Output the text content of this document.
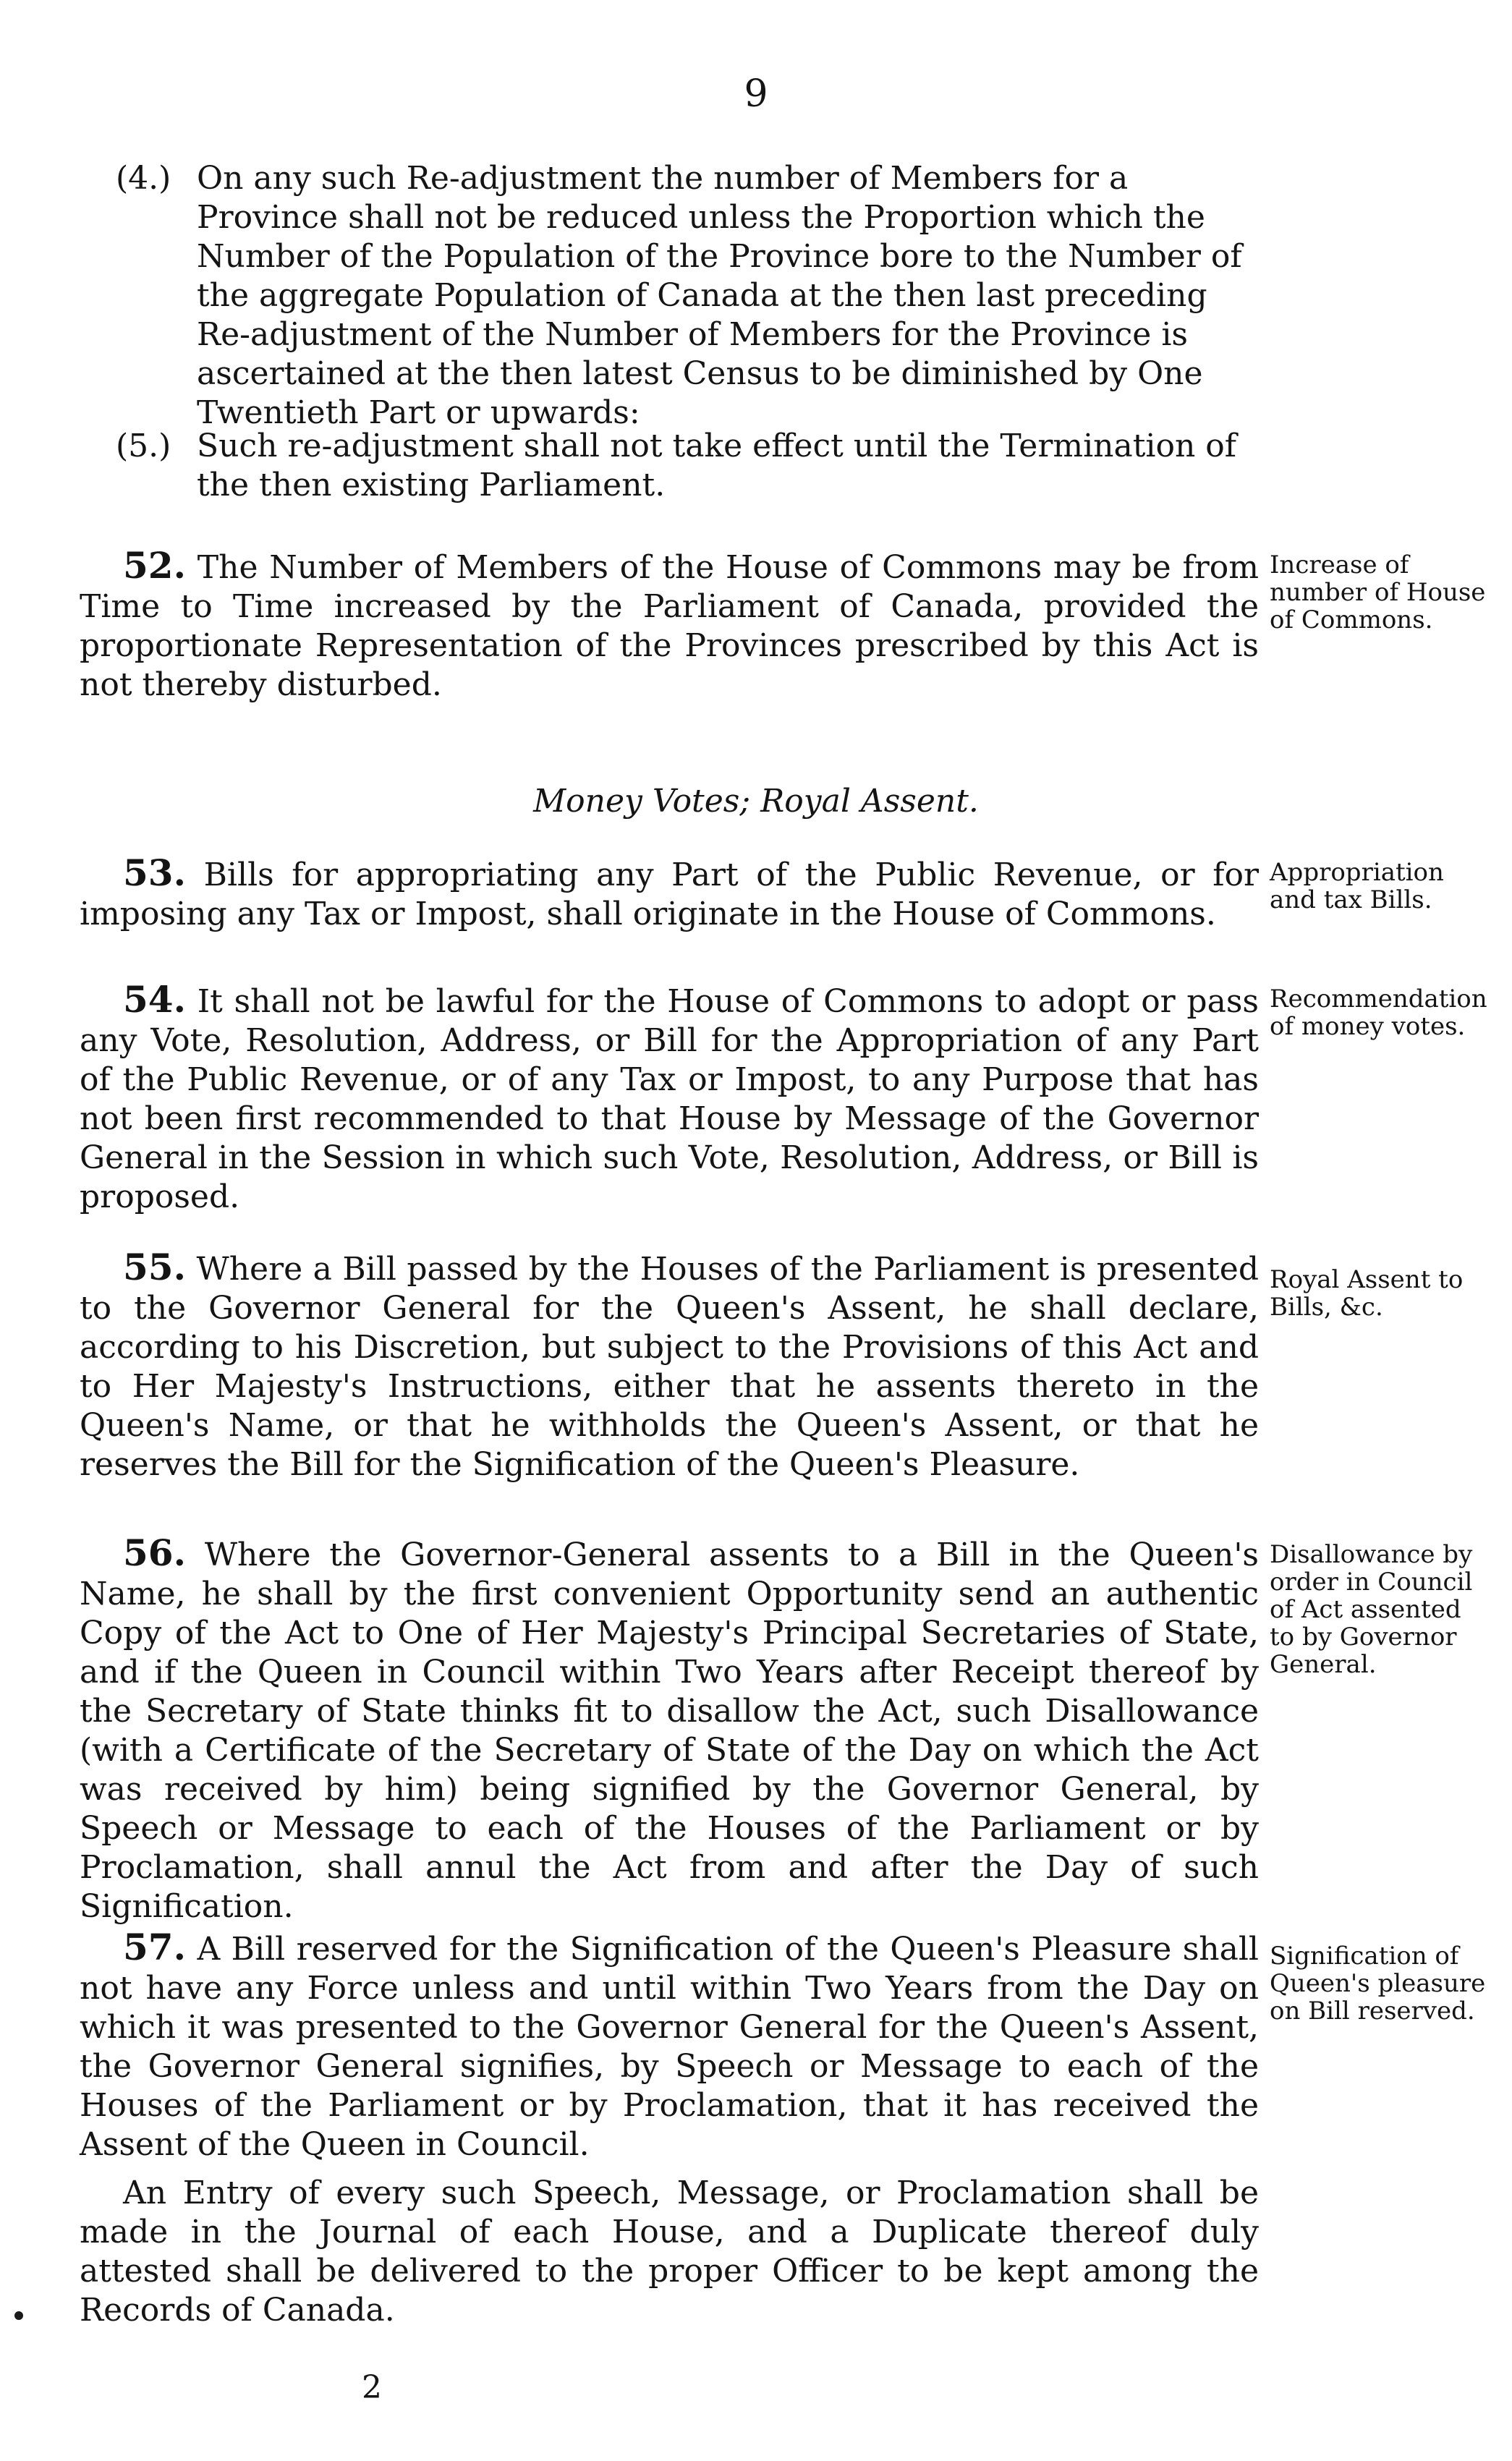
9
(4.) On any such Re-adjustment the number of Members for a Province shall not be reduced unless the Proportion which the Number of the Population of the Province bore to the Number of the aggregate Population of Canada at the then last preceding Re-adjustment of the Number of Members for the Province is ascertained at the then latest Census to be diminished by One Twentieth Part or upwards:
(5.) Such re-adjustment shall not take effect until the Termination of the then existing Parliament.

52. The Number of Members of the House of Commons may be from Time to Time increased by the Parliament of Canada, provided the proportionate Representation of the Provinces prescribed by this Act is not thereby disturbed.

Increase of number of House of Commons.
Money Votes; Royal Assent.

53. Bills for appropriating any Part of the Public Revenue, or for imposing any Tax or Impost, shall originate in the House of Commons.

Appropriation and tax Bills.

54. It shall not be lawful for the House of Commons to adopt or pass any Vote, Resolution, Address, or Bill for the Appropriation of any Part of the Public Revenue, or of any Tax or Impost, to any Purpose that has not been first recommended to that House by Message of the Governor General in the Session in which such Vote, Resolution, Address, or Bill is proposed.

Recommendation of money votes.

55. Where a Bill passed by the Houses of the Parliament is presented to the Governor General for the Queen's Assent, he shall declare, according to his Discretion, but subject to the Provisions of this Act and to Her Majesty's Instructions, either that he assents thereto in the Queen's Name, or that he withholds the Queen's Assent, or that he reserves the Bill for the Signification of the Queen's Pleasure.

Royal Assent to Bills, &c.

56. Where the Governor-General assents to a Bill in the Queen's Name, he shall by the first convenient Opportunity send an authentic Copy of the Act to One of Her Majesty's Principal Secretaries of State, and if the Queen in Council within Two Years after Receipt thereof by the Secretary of State thinks fit to disallow the Act, such Disallowance (with a Certificate of the Secretary of State of the Day on which the Act was received by him) being signified by the Governor General, by Speech or Message to each of the Houses of the Parliament or by Proclamation, shall annul the Act from and after the Day of such Signification.

Disallowance by order in Council of Act assented to by Governor General.

57. A Bill reserved for the Signification of the Queen's Pleasure shall not have any Force unless and until within Two Years from the Day on which it was presented to the Governor General for the Queen's Assent, the Governor General signifies, by Speech or Message to each of the Houses of the Parliament or by Proclamation, that it has received the Assent of the Queen in Council.

Signification of Queen's pleasure on Bill reserved.

An Entry of every such Speech, Message, or Proclamation shall be made in the Journal of each House, and a Duplicate thereof duly attested shall be delivered to the proper Officer to be kept among the Records of Canada.

2
